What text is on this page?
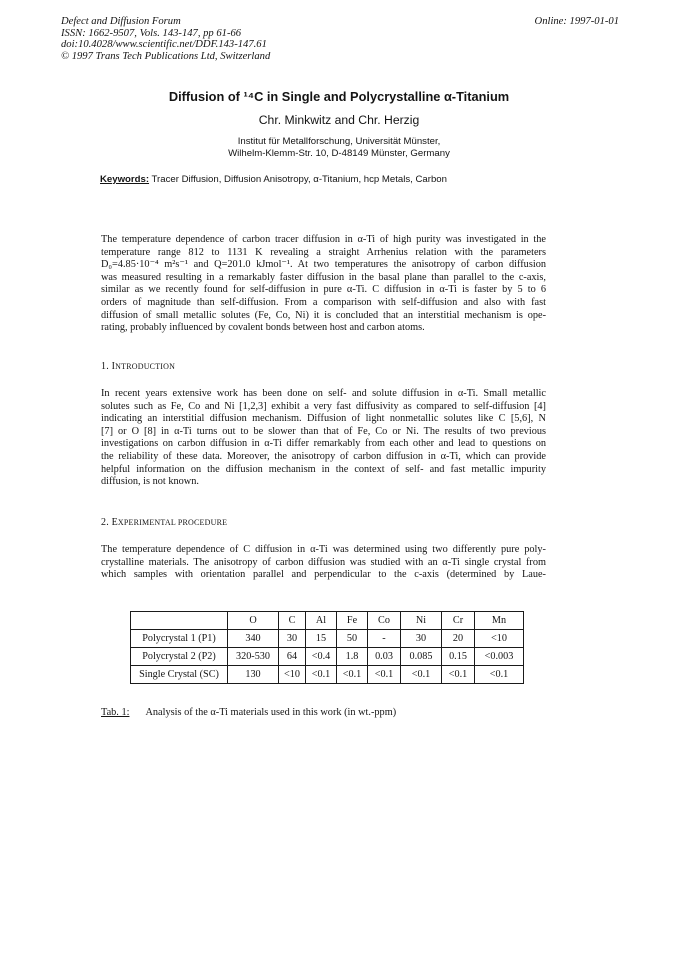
Defect and Diffusion Forum
ISSN: 1662-9507, Vols. 143-147, pp 61-66
doi:10.4028/www.scientific.net/DDF.143-147.61
© 1997 Trans Tech Publications Ltd, Switzerland
Online: 1997-01-01
Diffusion of ¹⁴C in Single and Polycrystalline α-Titanium
Chr. Minkwitz and Chr. Herzig
Institut für Metallforschung, Universität Münster,
Wilhelm-Klemm-Str. 10, D-48149 Münster, Germany
Keywords: Tracer Diffusion, Diffusion Anisotropy, α-Titanium, hcp Metals, Carbon
The temperature dependence of carbon tracer diffusion in α-Ti of high purity was investigated in the
temperature range 812 to 1131 K revealing a straight Arrhenius relation with the parameters
D₀=4.85·10⁻⁴ m²s⁻¹ and Q=201.0 kJmol⁻¹. At two temperatures the anisotropy of carbon diffusion
was measured resulting in a remarkably faster diffusion in the basal plane than parallel to the c-axis,
similar as we recently found for self-diffusion in pure α-Ti. C diffusion in α-Ti is faster by 5 to 6
orders of magnitude than self-diffusion. From a comparison with self-diffusion and also with fast
diffusion of small metallic solutes (Fe, Co, Ni) it is concluded that an interstitial mechanism is ope-
rating, probably influenced by covalent bonds between host and carbon atoms.
1. INTRODUCTION
In recent years extensive work has been done on self- and solute diffusion in α-Ti. Small metallic
solutes such as Fe, Co and Ni [1,2,3] exhibit a very fast diffusivity as compared to self-diffusion [4]
indicating an interstitial diffusion mechanism. Diffusion of light nonmetallic solutes like C [5,6], N
[7] or O [8] in α-Ti turns out to be slower than that of Fe, Co or Ni. The results of two previous
investigations on carbon diffusion in α-Ti differ remarkably from each other and lead to questions on
the reliability of these data. Moreover, the anisotropy of carbon diffusion in α-Ti, which can provide
helpful information on the diffusion mechanism in the context of self- and fast metallic impurity
diffusion, is not known.
2. EXPERIMENTAL PROCEDURE
The temperature dependence of C diffusion in α-Ti was determined using two differently pure poly-
crystalline materials. The anisotropy of carbon diffusion was studied with an α-Ti single crystal from
which samples with orientation parallel and perpendicular to the c-axis (determined by Laue-
	O	C	Al	Fe	Co	Ni	Cr	Mn
Polycrystal 1 (P1)	340	30	15	50	-	30	20	<10
Polycrystal 2 (P2)	320-530	64	<0.4	1.8	0.03	0.085	0.15	<0.003
Single Crystal (SC)	130	<10	<0.1	<0.1	<0.1	<0.1	<0.1	<0.1
Tab. 1: Analysis of the α-Ti materials used in this work (in wt.-ppm)
